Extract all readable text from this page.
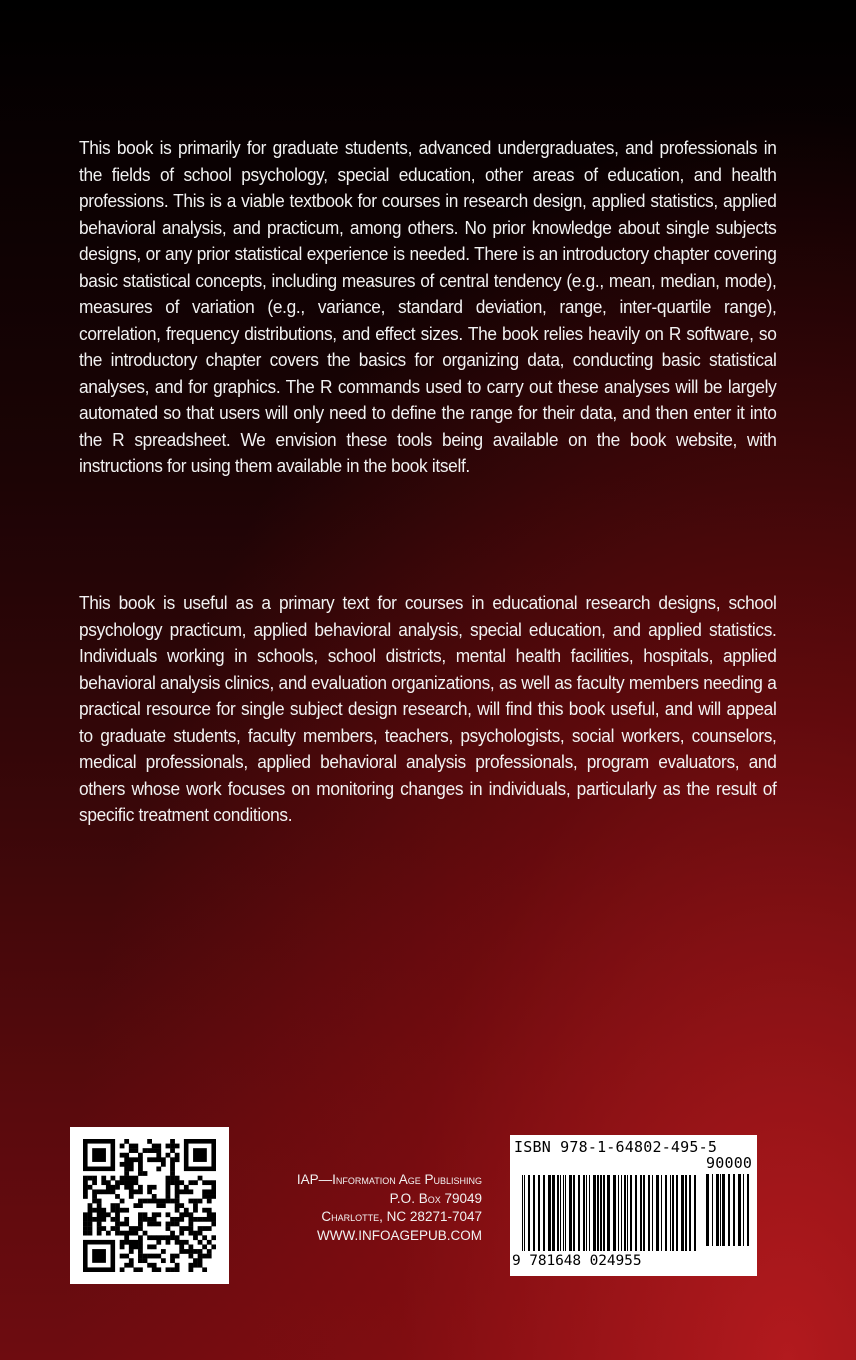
This book is primarily for graduate students, advanced undergraduates, and professionals in the fields of school psychology, special education, other areas of education, and health professions. This is a viable textbook for courses in research design, applied statistics, applied behavioral analysis, and practicum, among others. No prior knowledge about single subjects designs, or any prior statistical experience is needed. There is an introductory chapter covering basic statistical concepts, including measures of central tendency (e.g., mean, median, mode), measures of variation (e.g., variance, standard deviation, range, inter-quartile range), correlation, frequency distributions, and effect sizes. The book relies heavily on R software, so the introductory chapter covers the basics for organizing data, conducting basic statistical analyses, and for graphics. The R commands used to carry out these analyses will be largely automated so that users will only need to define the range for their data, and then enter it into the R spreadsheet. We envision these tools being available on the book website, with instructions for using them available in the book itself.

This book is useful as a primary text for courses in educational research designs, school psychology practicum, applied behavioral analysis, special education, and applied statistics. Individuals working in schools, school districts, mental health facilities, hospitals, applied behavioral analysis clinics, and evaluation organizations, as well as faculty members needing a practical resource for single subject design research, will find this book useful, and will appeal to graduate students, faculty members, teachers, psychologists, social workers, counselors, medical professionals, applied behavioral analysis professionals, program evaluators, and others whose work focuses on monitoring changes in individuals, particularly as the result of specific treatment conditions.

IAP—Information Age Publishing
P.O. Box 79049
Charlotte, NC 28271-7047
WWW.INFOAGEPUB.COM
ISBN 978-1-64802-495-5
90000
9 781648 024955
